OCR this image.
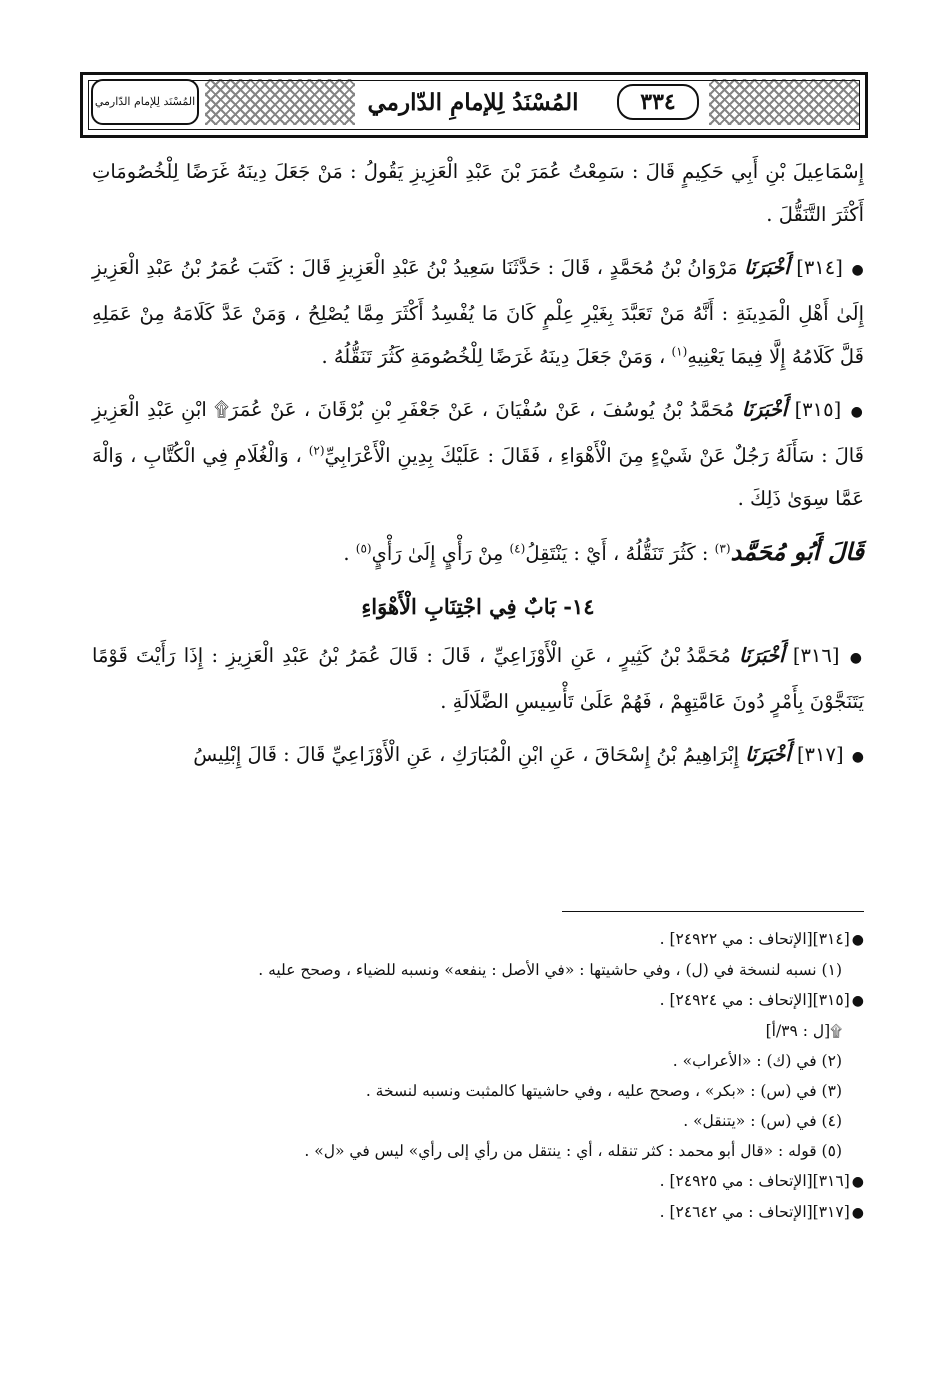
المُسْنَد لِلإمام الدّارمي	المُسْنَدُ لِلإمامِ الدّارمي	٣٣٤

إِسْمَاعِيلَ بْنِ أَبِي حَكِيمٍ قَالَ : سَمِعْتُ عُمَرَ بْنَ عَبْدِ الْعَزِيزِ يَقُولُ : مَنْ جَعَلَ دِينَهُ غَرَضًا لِلْخُصُومَاتِ أَكْثَرَ التَّنَقُّلَ .

● [٣١٤] أَخْبَرَنَا مَرْوَانُ بْنُ مُحَمَّدٍ ، قَالَ : حَدَّثَنَا سَعِيدُ بْنُ عَبْدِ الْعَزِيزِ قَالَ : كَتَبَ عُمَرُ بْنُ عَبْدِ الْعَزِيزِ إِلَىٰ أَهْلِ الْمَدِينَةِ : أَنَّهُ مَنْ تَعَبَّدَ بِغَيْرِ عِلْمٍ كَانَ مَا يُفْسِدُ أَكْثَرَ مِمَّا يُصْلِحُ ، وَمَنْ عَدَّ كَلَامَهُ مِنْ عَمَلِهِ قَلَّ كَلَامُهُ إِلَّا فِيمَا يَعْنِيهِ$^{(١)}$ ، وَمَنْ جَعَلَ دِينَهُ غَرَضًا لِلْخُصُومَةِ كَثُرَ تَنَقُّلُهُ .

● [٣١٥] أَخْبَرَنَا مُحَمَّدُ بْنُ يُوسُفَ ، عَنْ سُفْيَانَ ، عَنْ جَعْفَرِ بْنِ بُرْقَانَ ، عَنْ عُمَرَ۩ ابْنِ عَبْدِ الْعَزِيزِ قَالَ : سَأَلَهُ رَجُلٌ عَنْ شَيْءٍ مِنَ الْأَهْوَاءِ ، فَقَالَ : عَلَيْكَ بِدِينِ الْأَعْرَابِيِّ$^{(٢)}$ ، وَالْغُلَامِ فِي الْكُتَّابِ ، وَالْهَ عَمَّا سِوَىٰ ذَلِكَ .

قَالَ أَبُو مُحَمَّد$^{(٣)}$ : كَثُرَ تَنَقُّلُهُ ، أَيْ : يَنْتَقِلُ$^{(٤)}$ مِنْ رَأْيٍ إِلَىٰ رَأْيٍ$^{(٥)}$ .

١٤- بَابٌ فِي اجْتِنَابِ الْأَهْوَاءِ

● [٣١٦] أَخْبَرَنَا مُحَمَّدُ بْنُ كَثِيرٍ ، عَنِ الْأَوْزَاعِيِّ ، قَالَ : قَالَ عُمَرُ بْنُ عَبْدِ الْعَزِيزِ : إِذَا رَأَيْتَ قَوْمًا يَتَنَجَّوْنَ بِأَمْرٍ دُونَ عَامَّتِهِمْ ، فَهُمْ عَلَىٰ تَأْسِيسِ الضَّلَالَةِ .

● [٣١٧] أَخْبَرَنَا إِبْرَاهِيمُ بْنُ إِسْحَاقَ ، عَنِ ابْنِ الْمُبَارَكِ ، عَنِ الْأَوْزَاعِيِّ قَالَ : قَالَ إِبْلِيسُ

●[٣١٤][الإتحاف : مي ٢٤٩٢٢] .
(١) نسبه لنسخة في (ل) ، وفي حاشيتها : «في الأصل : ينفعه» ونسبه للضياء ، وصحح عليه .
●[٣١٥][الإتحاف : مي ٢٤٩٢٤] .
۩[ل : ٣٩/أ]
(٢) في (ك) : «الأعراب» .
(٣) في (س) : «بكر» ، وصحح عليه ، وفي حاشيتها كالمثبت ونسبه لنسخة .
(٤) في (س) : «يتنقل» .
(٥) قوله : «قال أبو محمد : كثر تنقله ، أي : ينتقل من رأي إلى رأي» ليس في «ل» .
●[٣١٦][الإتحاف : مي ٢٤٩٢٥] .
●[٣١٧][الإتحاف : مي ٢٤٦٤٢] .
